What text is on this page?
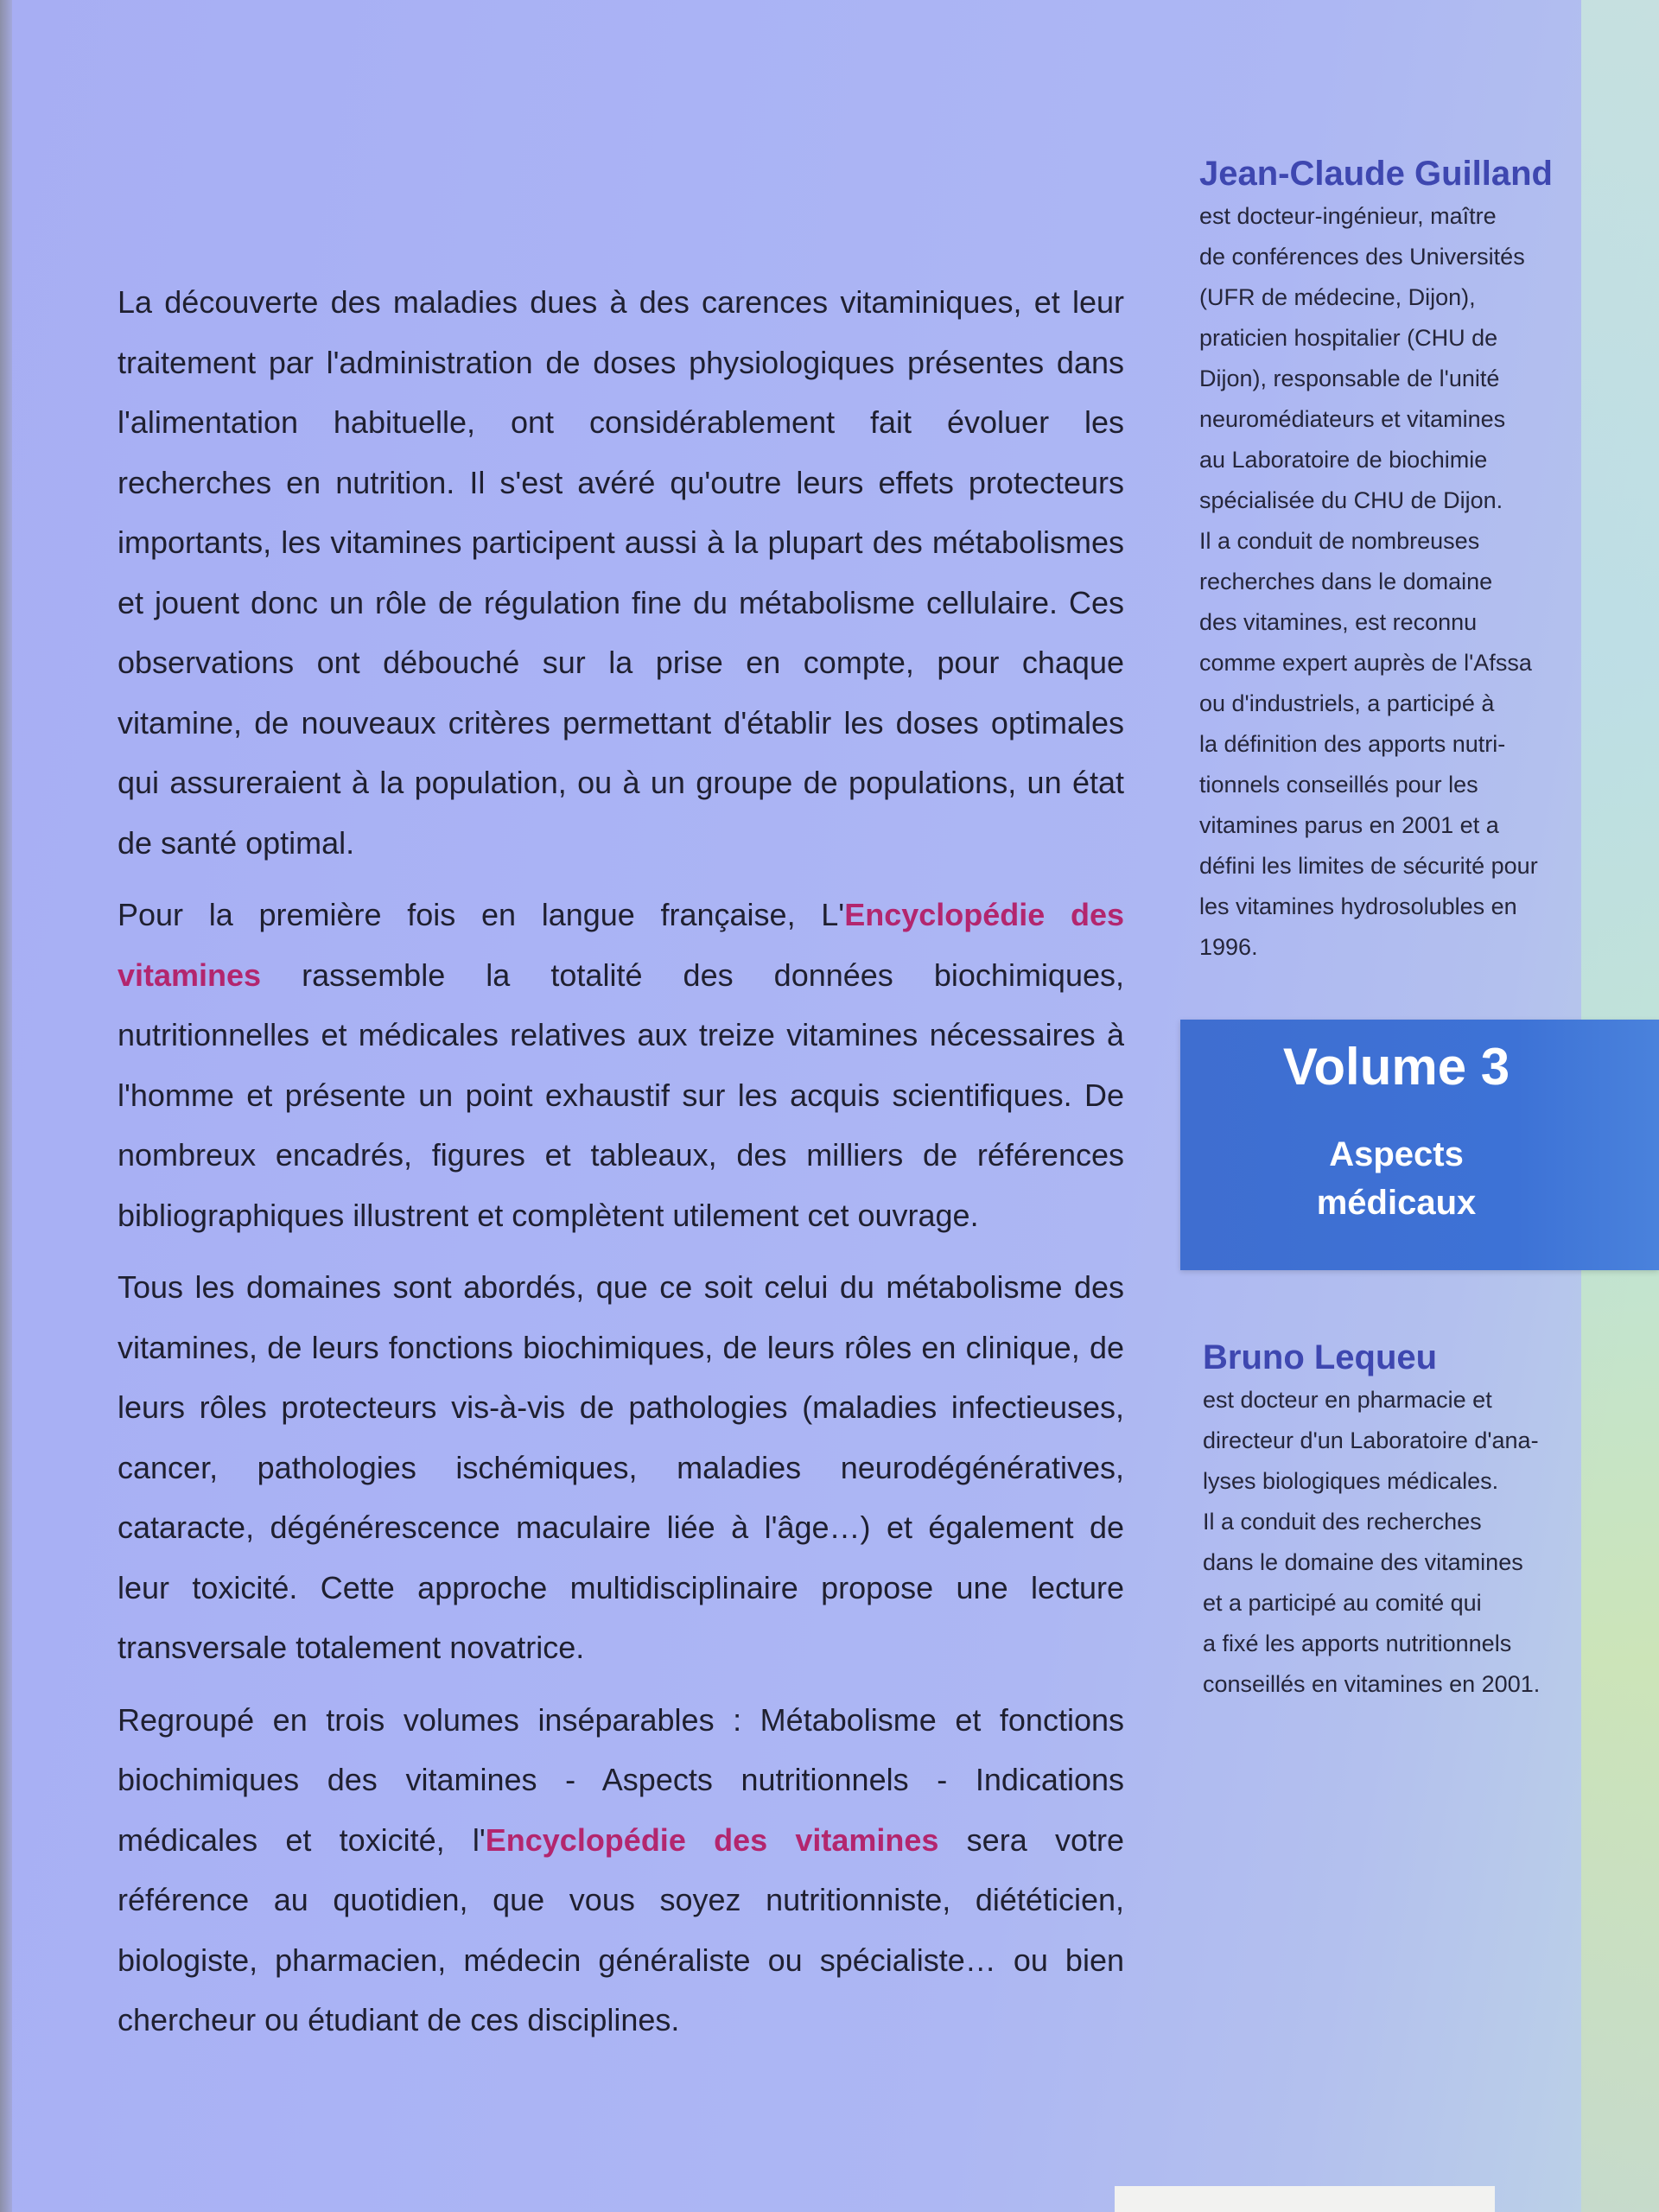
La découverte des maladies dues à des carences vitaminiques, et leur traitement par l'administration de doses physiologiques présentes dans l'alimentation habituelle, ont considérablement fait évoluer les recherches en nutrition. Il s'est avéré qu'outre leurs effets protecteurs importants, les vitamines participent aussi à la plupart des métabolismes et jouent donc un rôle de régulation fine du métabolisme cellulaire. Ces observations ont débouché sur la prise en compte, pour chaque vitamine, de nouveaux critères permettant d'établir les doses optimales qui assureraient à la population, ou à un groupe de populations, un état de santé optimal.

Pour la première fois en langue française, L'Encyclopédie des vitamines rassemble la totalité des données biochimiques, nutritionnelles et médicales relatives aux treize vitamines nécessaires à l'homme et présente un point exhaustif sur les acquis scientifiques. De nombreux encadrés, figures et tableaux, des milliers de références bibliographiques illustrent et complètent utilement cet ouvrage.

Tous les domaines sont abordés, que ce soit celui du métabolisme des vitamines, de leurs fonctions biochimiques, de leurs rôles en clinique, de leurs rôles protecteurs vis-à-vis de pathologies (maladies infectieuses, cancer, pathologies ischémiques, maladies neurodégénératives, cataracte, dégénérescence maculaire liée à l'âge…) et également de leur toxicité. Cette approche multidisciplinaire propose une lecture transversale totalement novatrice.

Regroupé en trois volumes inséparables : Métabolisme et fonctions biochimiques des vitamines - Aspects nutritionnels - Indications médicales et toxicité, l'Encyclopédie des vitamines sera votre référence au quotidien, que vous soyez nutritionniste, diététicien, biologiste, pharmacien, médecin généraliste ou spécialiste… ou bien chercheur ou étudiant de ces disciplines.

Jean-Claude Guilland
est docteur-ingénieur, maître
de conférences des Universités
(UFR de médecine, Dijon),
praticien hospitalier (CHU de
Dijon), responsable de l'unité
neuromédiateurs et vitamines
au Laboratoire de biochimie
spécialisée du CHU de Dijon.
Il a conduit de nombreuses
recherches dans le domaine
des vitamines, est reconnu
comme expert auprès de l'Afssa
ou d'industriels, a participé à
la définition des apports nutri-
tionnels conseillés pour les
vitamines parus en 2001 et a
défini les limites de sécurité pour
les vitamines hydrosolubles en
1996.
Volume 3
Aspects
médicaux
Bruno Lequeu
est docteur en pharmacie et
directeur d'un Laboratoire d'ana-
lyses biologiques médicales.
Il a conduit des recherches
dans le domaine des vitamines
et a participé au comité qui
a fixé les apports nutritionnels
conseillés en vitamines en 2001.
